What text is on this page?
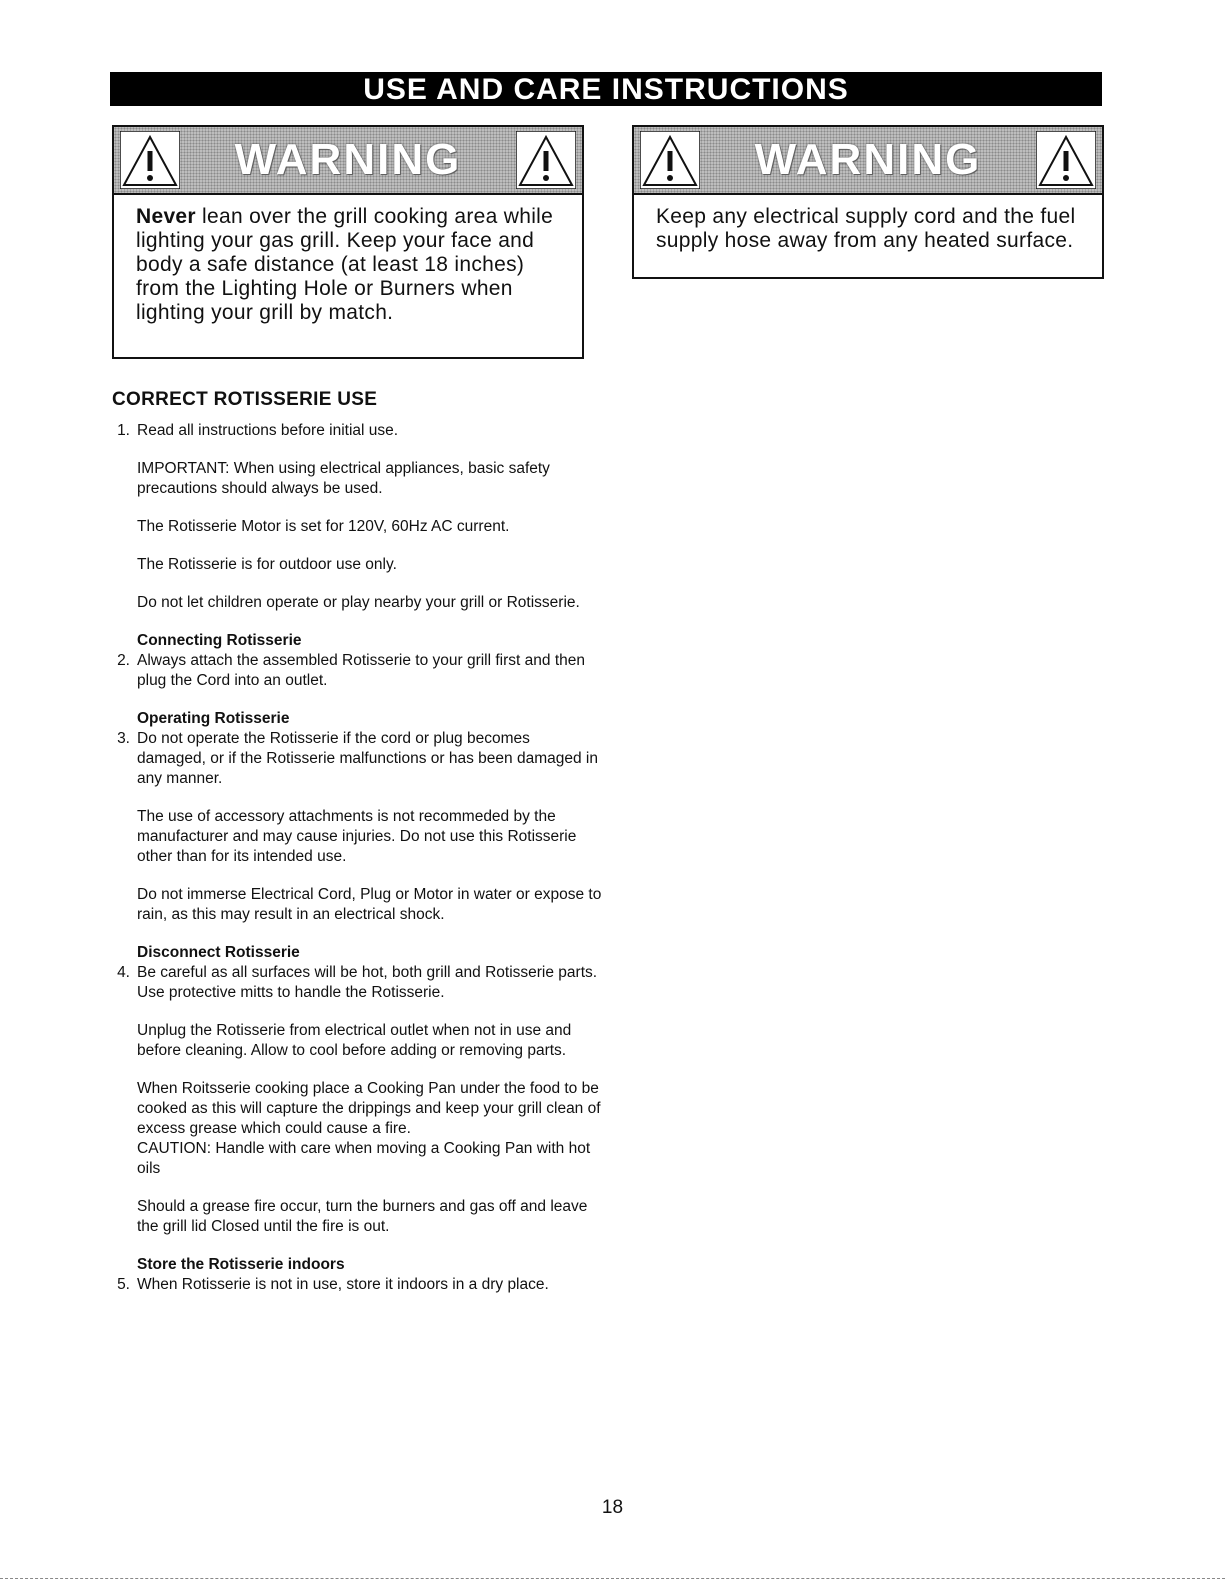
USE AND CARE INSTRUCTIONS
WARNING
Never lean over the grill cooking area while lighting your gas grill. Keep your face and body a safe distance (at least 18 inches) from the Lighting Hole or Burners when lighting your grill by match.
WARNING
Keep any electrical supply cord and the fuel supply hose away from any heated surface.
CORRECT ROTISSERIE USE
1. Read all instructions before initial use.
IMPORTANT: When using electrical appliances, basic safety precautions should always be used.
The Rotisserie Motor is set for 120V, 60Hz AC current.
The Rotisserie is for outdoor use only.
Do not let children operate or play nearby your grill or Rotisserie.
Connecting Rotisserie
2. Always attach the assembled Rotisserie to your grill first and then plug the Cord into an outlet.
Operating Rotisserie
3. Do not operate the Rotisserie if the cord or plug becomes damaged, or if the Rotisserie malfunctions or has been damaged in any manner.
The use of accessory attachments is not recommeded by the manufacturer and may cause injuries. Do not use this Rotisserie other than for its intended use.
Do not immerse Electrical Cord, Plug or Motor in water or expose to rain, as this may result in an electrical shock.
Disconnect Rotisserie
4. Be careful as all surfaces will be hot, both grill and Rotisserie parts. Use protective mitts to handle the Rotisserie.
Unplug the Rotisserie from electrical outlet when not in use and before cleaning. Allow to cool before adding or removing parts.
When Roitsserie cooking place a Cooking Pan under the food to be cooked as this will capture the drippings and keep your grill clean of excess grease which could cause a fire.
CAUTION: Handle with care when moving a Cooking Pan with hot oils
Should a grease fire occur, turn the burners and gas off and leave the grill lid Closed until the fire is out.
Store the Rotisserie indoors
5. When Rotisserie is not in use, store it indoors in a dry place.
18
